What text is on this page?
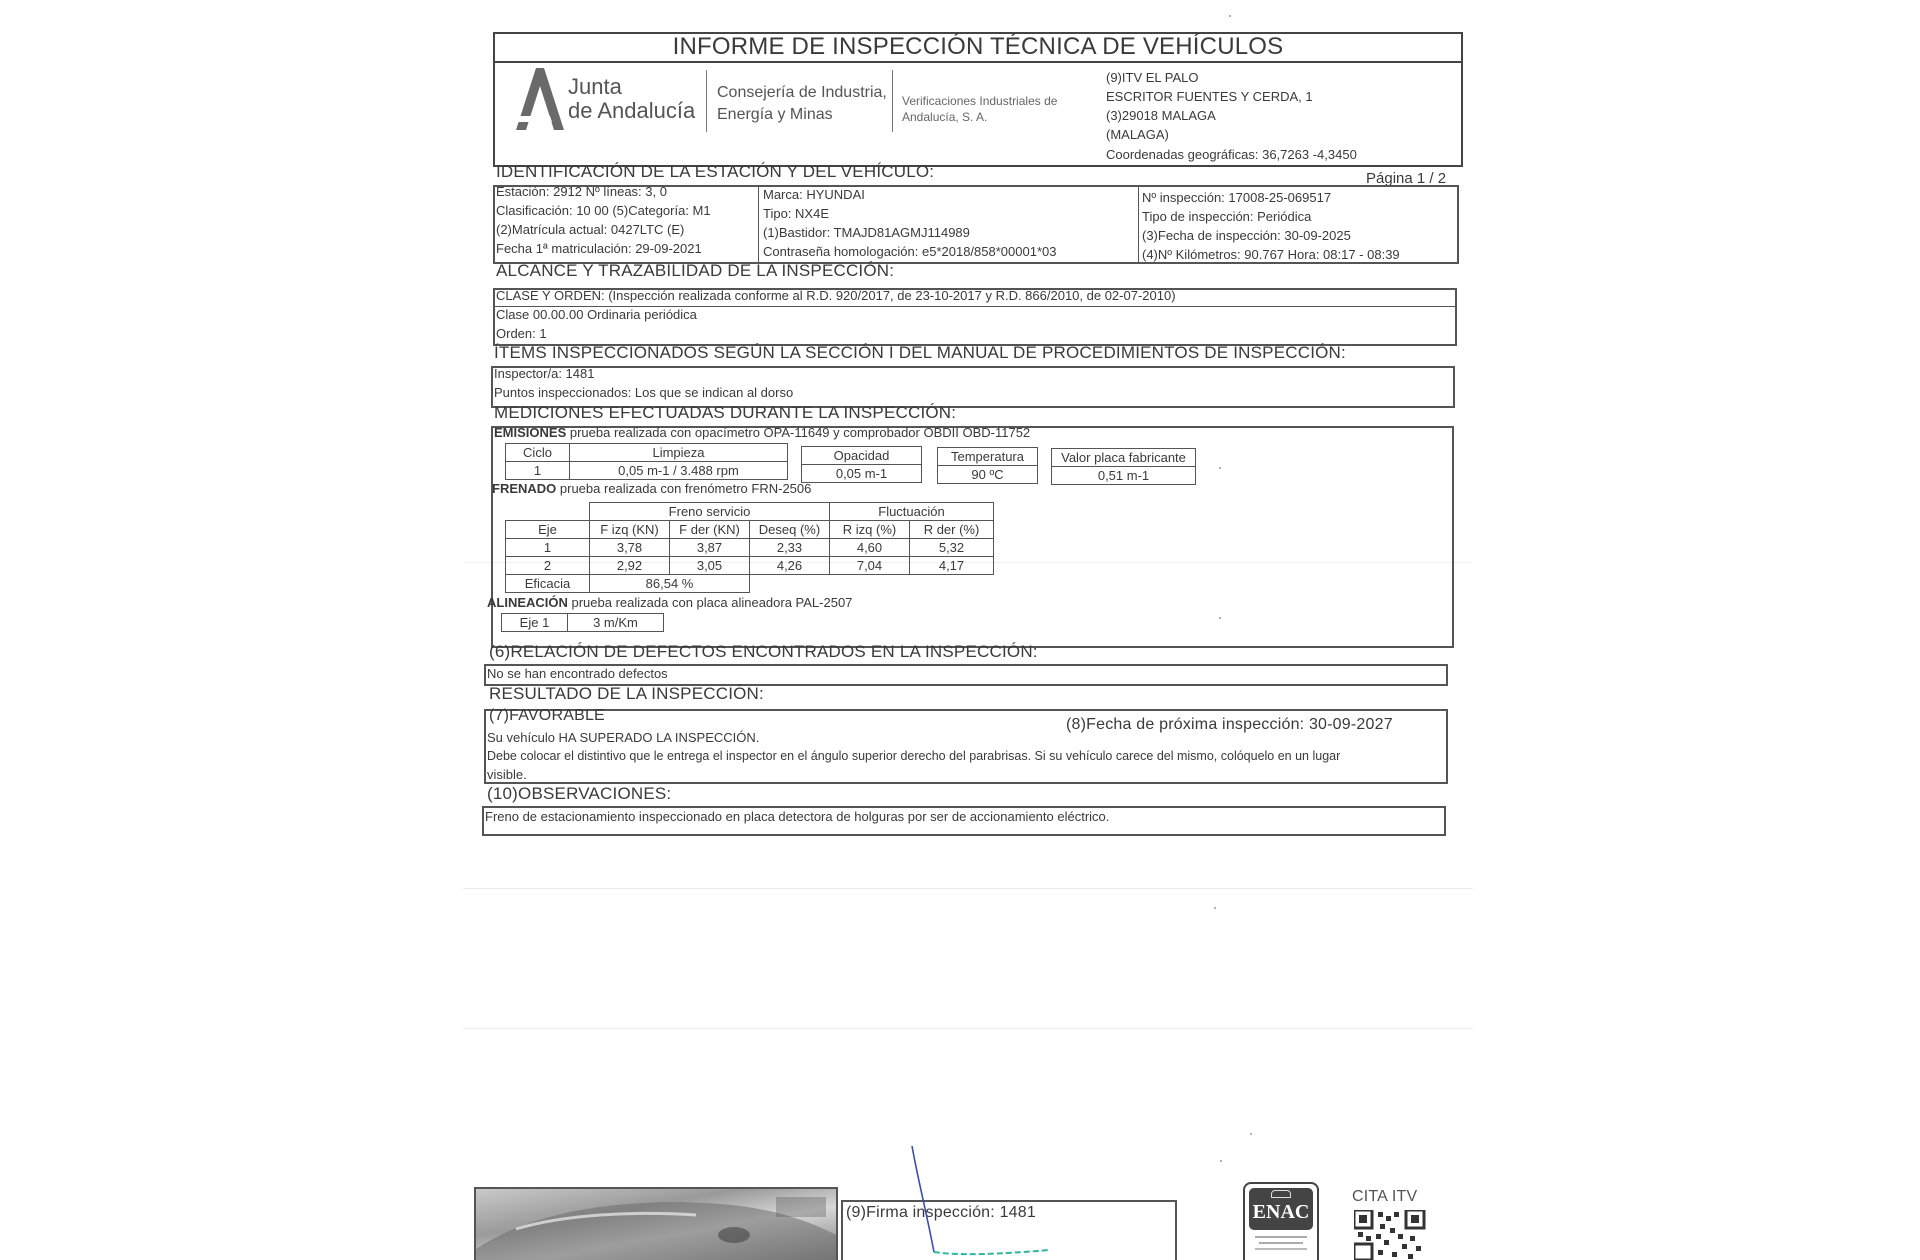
INFORME DE INSPECCIÓN TÉCNICA DE VEHÍCULOS
Junta
de Andalucía
Consejería de Industria,
Energía y Minas
Verificaciones Industriales de
Andalucía, S. A.
(9)ITV EL PALO
ESCRITOR FUENTES Y CERDA, 1
(3)29018 MALAGA
(MALAGA)
Coordenadas geográficas: 36,7263 -4,3450
IDENTIFICACIÓN DE LA ESTACIÓN Y DEL VEHÍCULO:	Página 1 / 2
Estación: 2912 Nº líneas: 3, 0
Clasificación: 10 00 (5)Categoría: M1
(2)Matrícula actual: 0427LTC (E)
Fecha 1ª matriculación: 29-09-2021
Marca: HYUNDAI
Tipo: NX4E
(1)Bastidor: TMAJD81AGMJ114989
Contraseña homologación: e5*2018/858*00001*03
Nº inspección: 17008-25-069517
Tipo de inspección: Periódica
(3)Fecha de inspección: 30-09-2025
(4)Nº Kilómetros: 90.767 Hora: 08:17 - 08:39
ALCANCE Y TRAZABILIDAD DE LA INSPECCIÓN:
CLASE Y ORDEN: (Inspección realizada conforme al R.D. 920/2017, de 23-10-2017 y R.D. 866/2010, de 02-07-2010)
Clase 00.00.00 Ordinaria periódica
Orden: 1
ÍTEMS INSPECCIONADOS SEGÚN LA SECCIÓN I DEL MANUAL DE PROCEDIMIENTOS DE INSPECCIÓN:
Inspector/a: 1481
Puntos inspeccionados: Los que se indican al dorso
MEDICIONES EFECTUADAS DURANTE LA INSPECCIÓN:
EMISIONES prueba realizada con opacímetro OPA-11649 y comprobador OBDII OBD-11752
Ciclo	Limpieza
1	0,05 m-1 / 3.488 rpm
Opacidad
0,05 m-1
Temperatura
90 ºC
Valor placa fabricante
0,51 m-1
FRENADO prueba realizada con frenómetro FRN-2506
	Freno servicio			Fluctuación	
Eje	F izq (KN)	F der (KN)	Deseq (%)	R izq (%)	R der (%)
1	3,78	3,87	2,33	4,60	5,32
2	2,92	3,05	4,26	7,04	4,17
Eficacia	86,54 %				
ALINEACIÓN prueba realizada con placa alineadora PAL-2507
Eje 1	3 m/Km
(6)RELACIÓN DE DEFECTOS ENCONTRADOS EN LA INSPECCIÓN:
No se han encontrado defectos
RESULTADO DE LA INSPECCIÓN:
(7)FAVORABLE
(8)Fecha de próxima inspección: 30-09-2027
Su vehículo HA SUPERADO LA INSPECCIÓN.
Debe colocar el distintivo que le entrega el inspector en el ángulo superior derecho del parabrisas. Si su vehículo carece del mismo, colóquelo en un lugar
visible.
(10)OBSERVACIONES:
Freno de estacionamiento inspeccionado en placa detectora de holguras por ser de accionamiento eléctrico.
(9)Firma inspección: 1481	ENAC
CITA ITV
